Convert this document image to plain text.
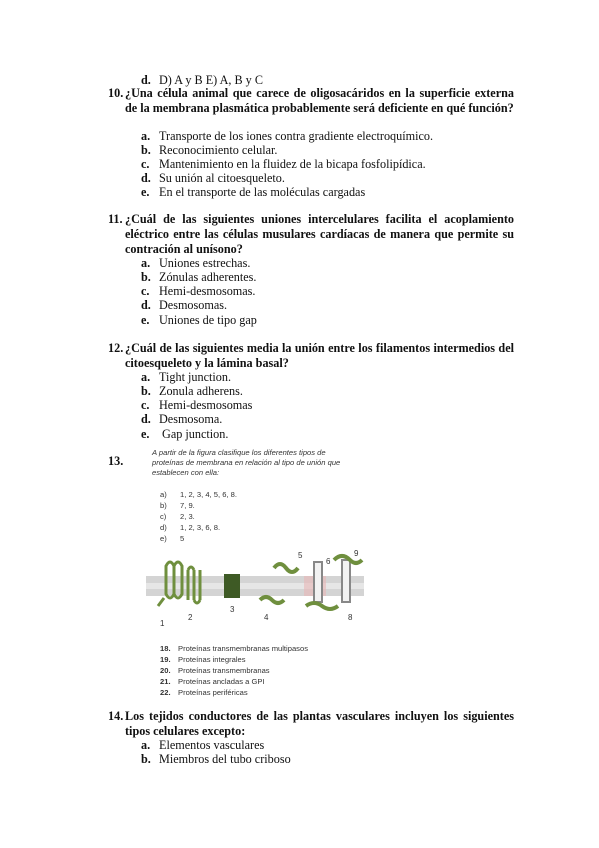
d. D) A y B E) A, B y C
10. ¿Una célula animal que carece de oligosacáridos en la superficie externa de la membrana plasmática probablemente será deficiente en qué función?
a. Transporte de los iones contra gradiente electroquímico.
b. Reconocimiento celular.
c. Mantenimiento en la fluidez de la bicapa fosfolipídica.
d. Su unión al citoesqueleto.
e. En el transporte de las moléculas cargadas
11. ¿Cuál de las siguientes uniones intercelulares facilita el acoplamiento eléctrico entre las células musulares cardíacas de manera que permite su contración al unísono?
a. Uniones estrechas.
b. Zónulas adherentes.
c. Hemi-desmosomas.
d. Desmosomas.
e. Uniones de tipo gap
12. ¿Cuál de las siguientes media la unión entre los filamentos intermedios del citoesqueleto y la lámina basal?
a. Tight junction.
b. Zonula adherens.
c. Hemi-desmosomas
d. Desmosoma.
e. Gap junction.
13.
A partir de la figura clasifique los diferentes tipos de proteínas de membrana en relación al tipo de unión que establecen con ella:
a) 1, 2, 3, 4, 5, 6, 8.
b) 7, 9.
c) 2, 3.
d) 1, 2, 3, 6, 8.
e) 5
1
2
3
4
5
6
8
9
18. Proteínas transmembranas multipasos
19. Proteínas integrales
20. Proteínas transmembranas
21. Proteínas ancladas a GPI
22. Proteínas periféricas
14. Los tejidos conductores de las plantas vasculares incluyen los siguientes tipos celulares excepto:
a. Elementos vasculares
b. Miembros del tubo criboso
